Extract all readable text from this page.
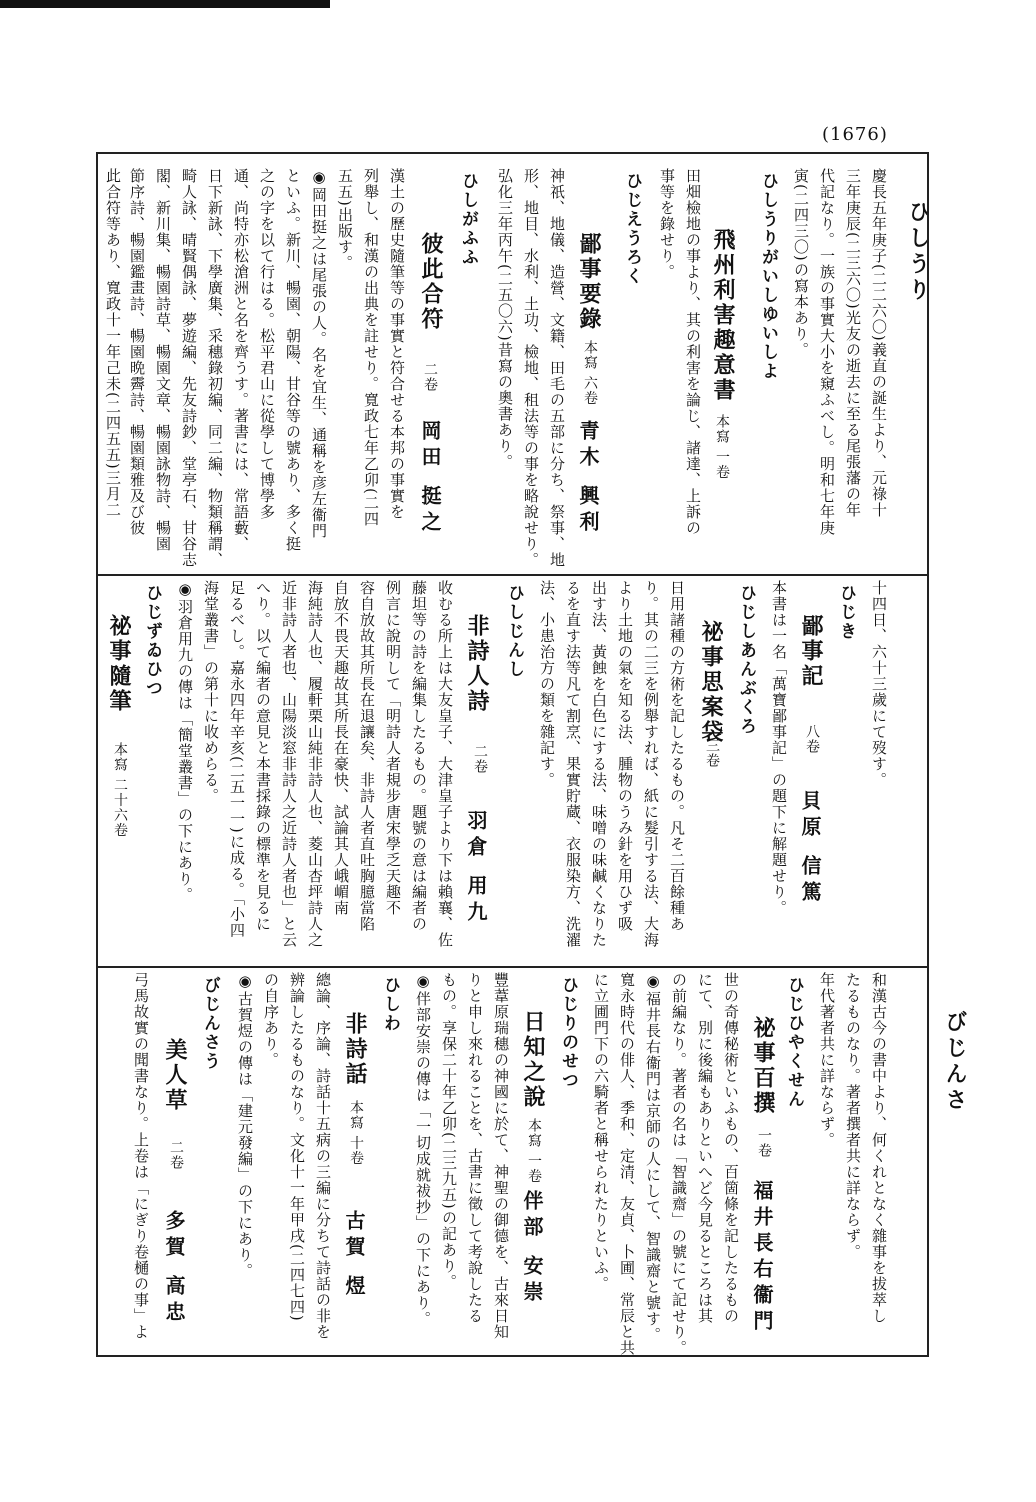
(1676)
ひしうり
びじんさ
慶長五年庚子(二二六〇)義直の誕生より、元祿十
三年庚辰(二三六〇)光友の逝去に至る尾張藩の年
代記なり。一族の事實大小を窺ふべし。明和七年庚
寅(二四三〇)の寫本あり。
ひしうりがいしゆいしよ
飛州利害趣意書
本寫 一卷
田畑檢地の事より、其の利害を論じ、諸達、上訴の
事等を錄せり。
ひじえうろく
鄙事要錄
本寫 六卷
青木 興利
神祇、地儀、造營、文籍、田毛の五部に分ち、祭事、地
形、地目、水利、土功、檢地、租法等の事を略說せり。
弘化三年丙午(二五〇六)昔寫の奧書あり。
ひしがふふ
彼此合符
二卷
岡田 挺之
漢土の歷史隨筆等の事實と符合せる本邦の事實を
列舉し、和漢の出典を註せり。寬政七年乙卯(二四
五五)出版す。
◉岡田挺之は尾張の人。名を宜生、通稱を彦左衞門
といふ。新川、暢園、朝陽、甘谷等の號あり、多く挺
之の字を以て行はる。松平君山に從學して博學多
通、尚特亦松滄洲と名を齊うす。著書には、常語藪、
日下新詠、下學廣集、采穗錄初編、同二編、物類稱謂、
畸人詠、晴賢偶詠、夢遊編、先友詩鈔、堂亭石、甘谷志
閣、新川集、暢園詩草、暢園文章、暢園詠物詩、暢園
節序詩、暢園鑑畫詩、暢園晩霽詩、暢園類雅及び彼
此合符等あり、寬政十一年己未(二四五五)三月二
十四日、六十三歲にて歿す。
ひじき
鄙事記
八卷
貝原 信篤
本書は一名「萬寶鄙事記」の題下に解題せり。
ひじしあんぶくろ
祕事思案袋
三卷
日用諸種の方術を記したるもの。凡そ二百餘種あ
り。其の二三を例舉すれば、紙に髮引する法、大海
より土地の氣を知る法、腫物のうみ針を用ひず吸
出す法、黃蝕を白色にする法、味噌の味鹹くなりた
るを直す法等凡て割烹、果實貯蔵、衣服染方、洗濯
法、小患治方の類を雜記す。
ひしじんし
非詩人詩
二卷
羽倉 用九
收むる所上は大友皇子、大津皇子より下は賴襄、佐
藤坦等の詩を編集したるもの。題號の意は編者の
例言に說明して「明詩人者規步唐宋學乏天趣不
容自放故其所長在退讓矣、非詩人者直吐胸臆當陷
自放不畏天趣故其所長在豪快、試論其人峨嵋南
海純詩人也、履軒栗山純非詩人也、菱山杏坪詩人之
近非詩人者也、山陽淡窓非詩人之近詩人者也」と云
へり。以て編者の意見と本書採錄の標準を見るに
足るべし。嘉永四年辛亥(二五一一)に成る。「小四
海堂叢書」の第十に收めらる。
◉羽倉用九の傳は「簡堂叢書」の下にあり。
ひじずゐひつ
祕事隨筆
本寫 二十六卷
和漢古今の書中より、何くれとなく雜事を拔萃し
たるものなり。著者撰者共に詳ならず。
年代著者共に詳ならず。
ひじひやくせん
祕事百撰
一卷
福井長右衞門
世の奇傳秘術といふもの、百箇條を記したるもの
にて、別に後編もありといへど今見るところは其
の前編なり。著者の名は「智識齋」の號にて記せり。
◉福井長右衞門は京師の人にして、智識齋と號す。
寬永時代の俳人、季和、定清、友貞、卜圃、常辰と共
に立圃門下の六騎者と稱せられたりといふ。
ひじりのせつ
日知之說
本寫 一卷
伴部 安崇
豐葦原瑞穗の神國に於て、神聖の御德を、古來日知
りと申し來れることを、古書に徵して考說したる
もの。享保二十年乙卯(二三九五)の記あり。
◉伴部安崇の傳は「一切成就祓抄」の下にあり。
ひしわ
非詩話
本寫 十卷
古賀 煜
總論、序論、詩話十五病の三編に分ちて詩話の非を
辨論したるものなり。文化十一年甲戌(二四七四)
の自序あり。
◉古賀煜の傳は「建元發編」の下にあり。
びじんさう
美人草
二卷
多賀 高忠
弓馬故實の聞書なり。上卷は「にぎり卷樋の事」よ
